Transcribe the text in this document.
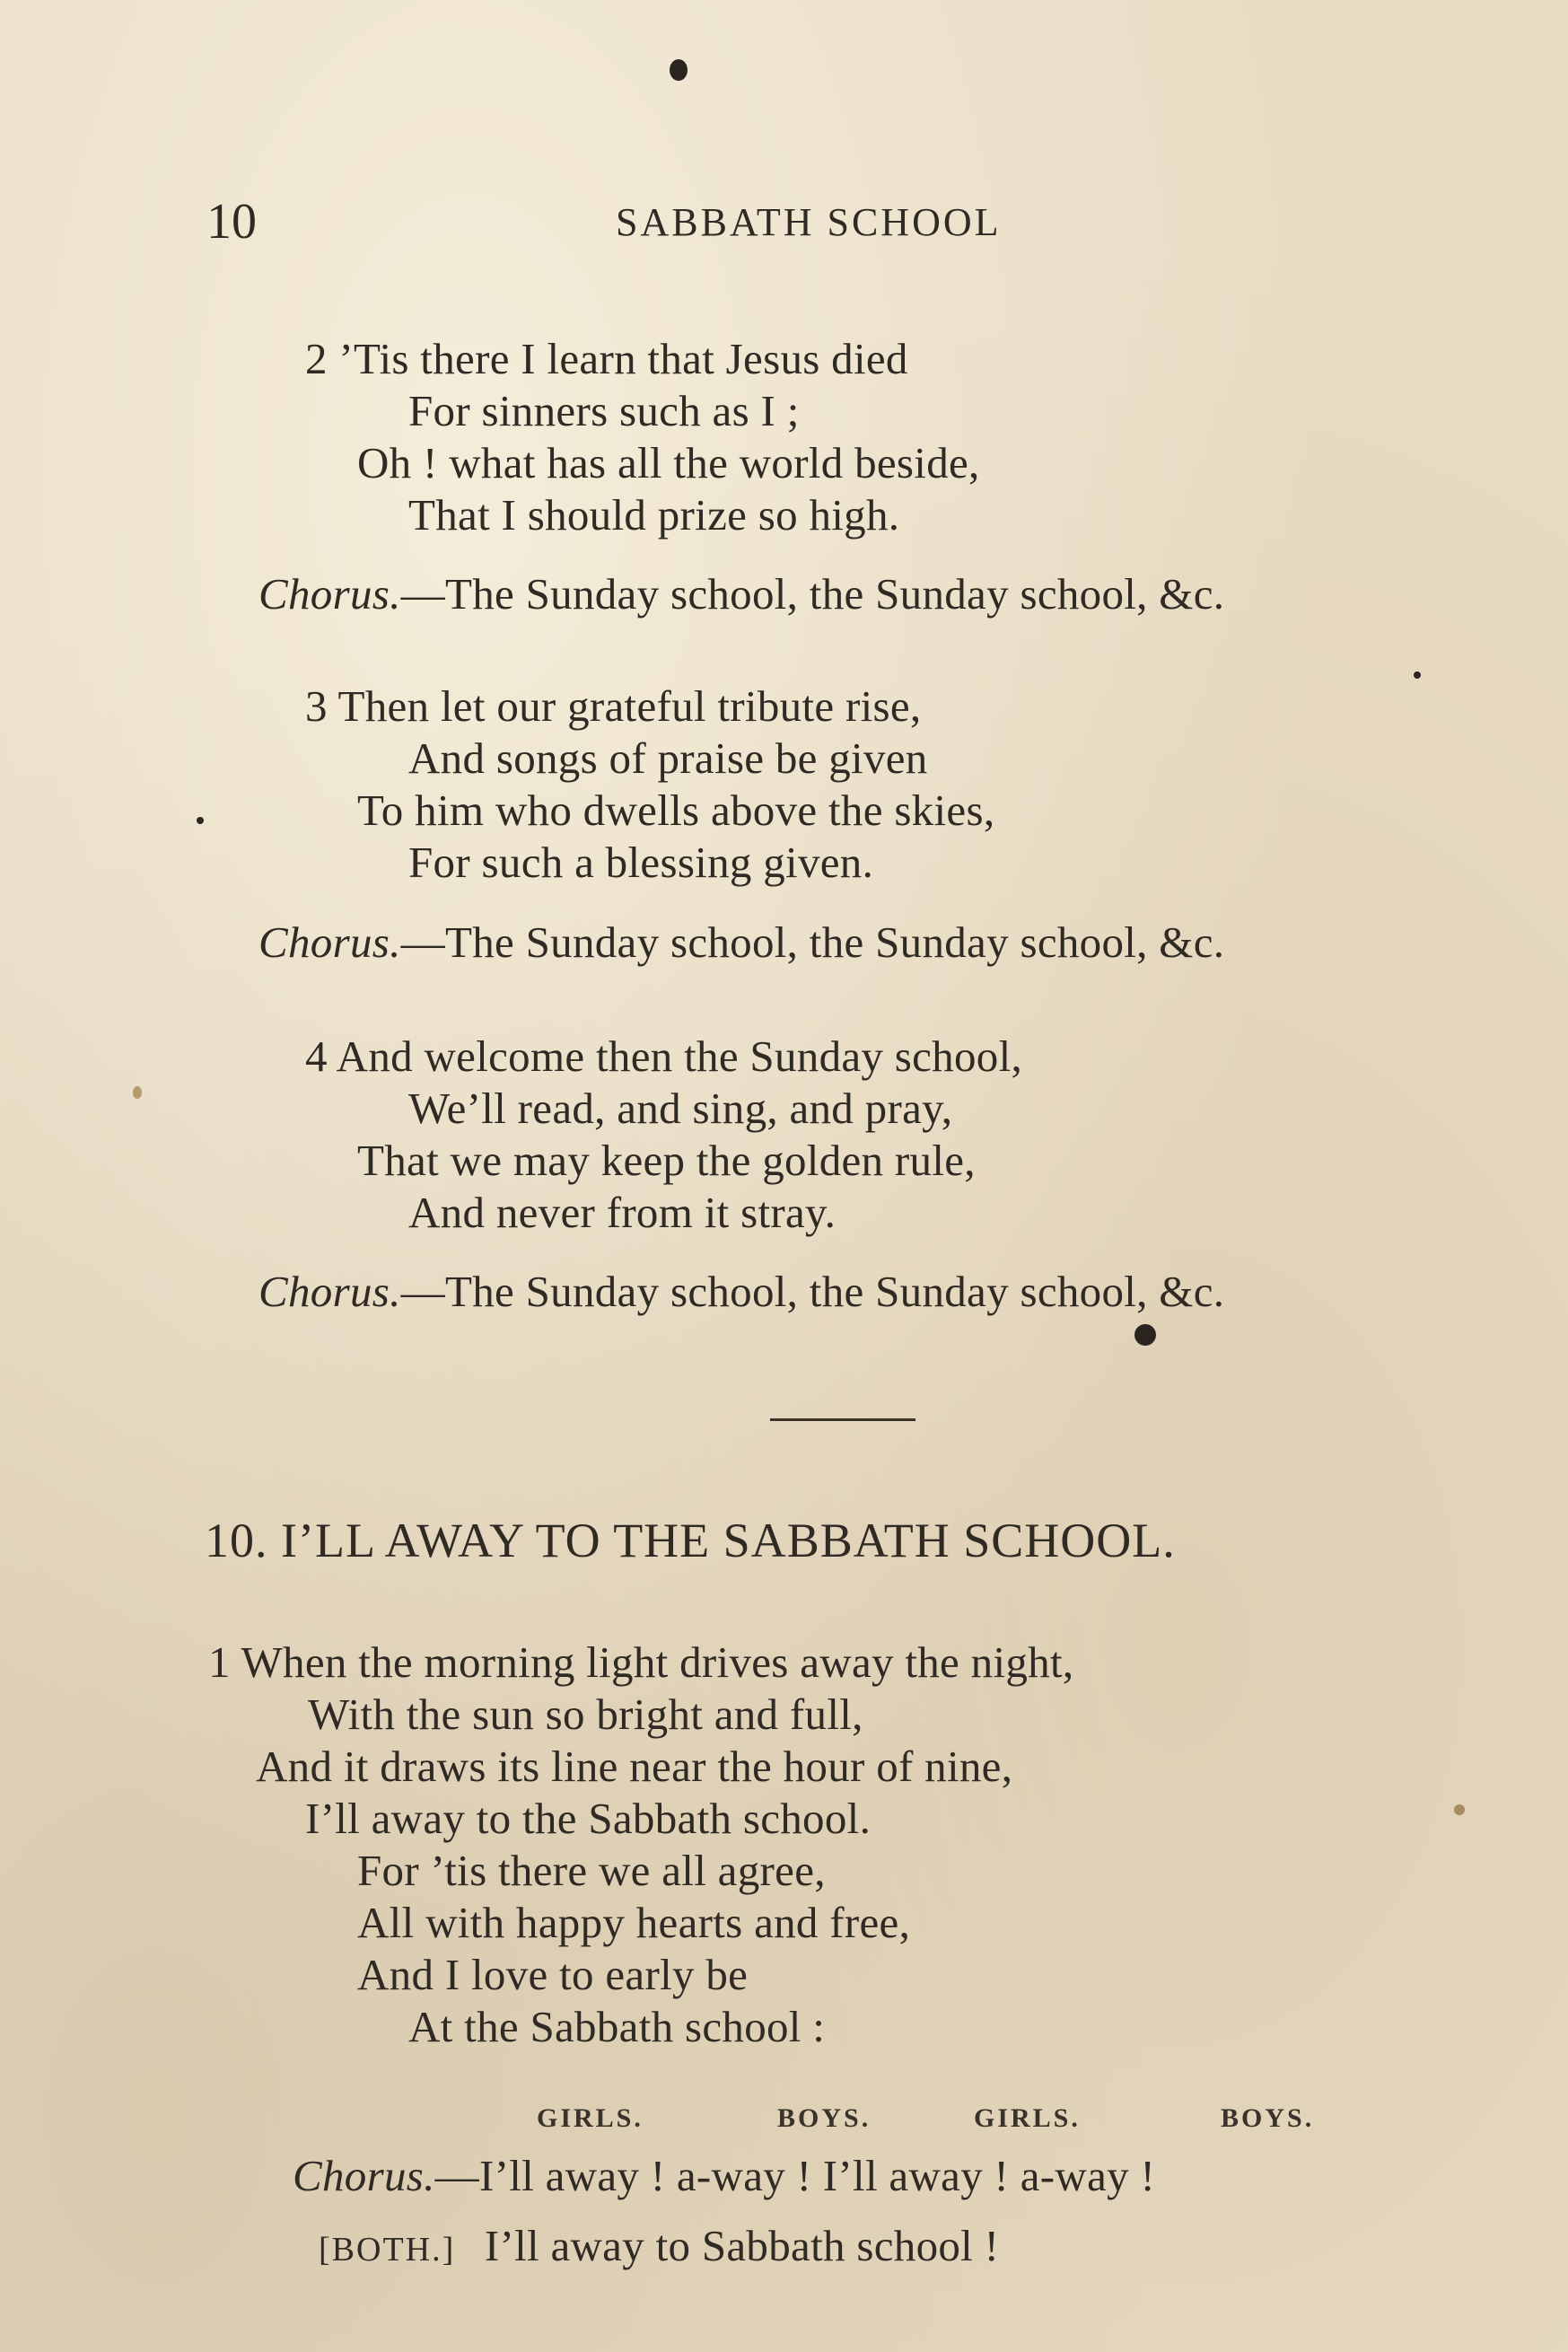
10	SABBATH SCHOOL
2 ’Tis there I learn that Jesus died
For sinners such as I ;
Oh ! what has all the world beside,
That I should prize so high.
Chorus.—The Sunday school, the Sunday school, &c.
3 Then let our grateful tribute rise,
And songs of praise be given
To him who dwells above the skies,
For such a blessing given.
Chorus.—The Sunday school, the Sunday school, &c.
4 And welcome then the Sunday school,
We’ll read, and sing, and pray,
That we may keep the golden rule,
And never from it stray.
Chorus.—The Sunday school, the Sunday school, &c.
10. I’LL AWAY TO THE SABBATH SCHOOL.
1 When the morning light drives away the night,
With the sun so bright and full,
And it draws its line near the hour of nine,
I’ll away to the Sabbath school.
For ’tis there we all agree,
All with happy hearts and free,
And I love to early be
At the Sabbath school :
GIRLS.	BOYS.	GIRLS.	BOYS.
Chorus.—I’ll away ! a-way ! I’ll away ! a-way !
[BOTH.] I’ll away to Sabbath school !
